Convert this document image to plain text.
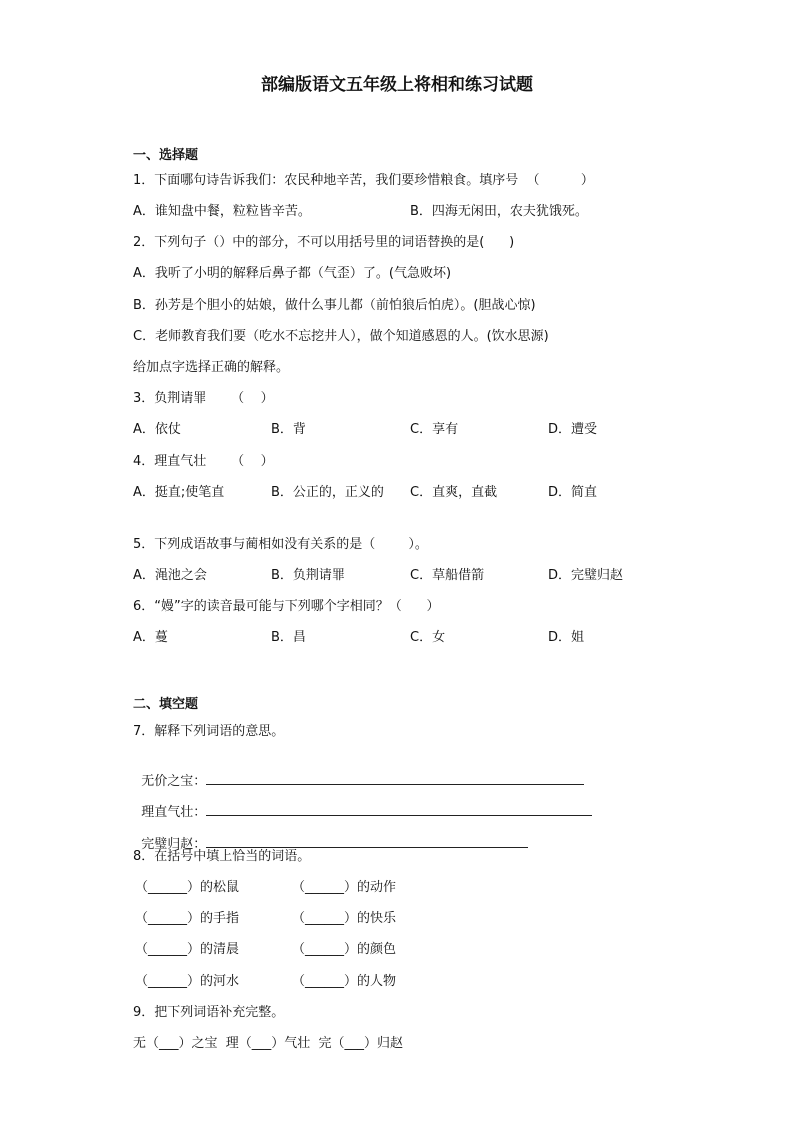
部编版语文五年级上将相和练习试题
一、选择题
1．下面哪句诗告诉我们：农民种地辛苦，我们要珍惜粮食。填序号  （          ）
A．谁知盘中餐，粒粒皆辛苦。	B．四海无闲田，农夫犹饿死。
2．下列句子（）中的部分，不可以用括号里的词语替换的是(      )
A．我听了小明的解释后鼻子都（气歪）了。(气急败坏)
B．孙芳是个胆小的姑娘，做什么事儿都（前怕狼后怕虎）。(胆战心惊)
C．老师教育我们要（吃水不忘挖井人），做个知道感恩的人。(饮水思源)
给加点字选择正确的解释。
3．负荆请罪      （    ）
A．依仗	B．背	C．享有	D．遭受
4．理直气壮      （    ）
A．挺直;使笔直	B．公正的，正义的 C．直爽，直截	D．简直
5．下列成语故事与蔺相如没有关系的是（        ）。
A．渑池之会	B．负荆请罪	C．草船借箭	D．完璧归赵
6．“嫚”字的读音最可能与下列哪个字相同？（      ）
A．蔓	B．昌	C．女	D．姐
二、填空题
7．解释下列词语的意思。

无价之宝：

理直气壮：

完璧归赵：

8．在括号中填上恰当的词语。
（______）的松鼠	（______）的动作
（______）的手指	（______）的快乐
（______）的清晨	（______）的颜色
（______）的河水	（______）的人物
9．把下列词语补充完整。
无（___）之宝  理（___）气壮  完（___）归赵
